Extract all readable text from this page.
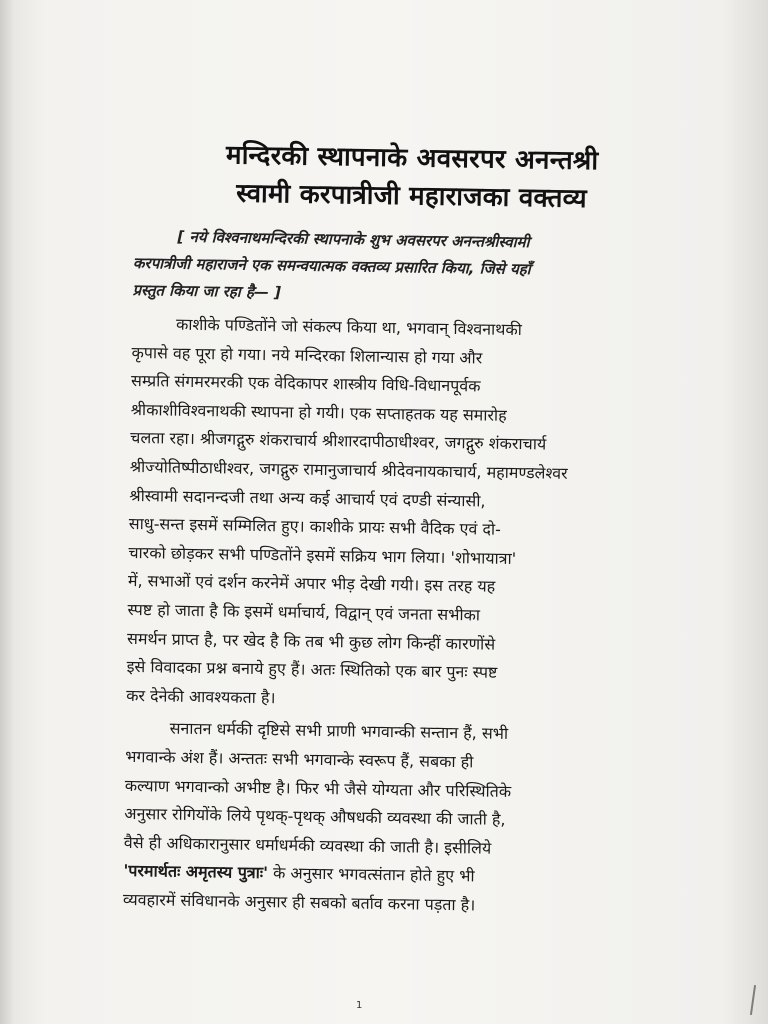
मन्दिरकी स्थापनाके अवसरपर अनन्तश्री
स्वामी करपात्रीजी महाराजका वक्तव्य
[ नये विश्वनाथमन्दिरकी स्थापनाके शुभ अवसरपर अनन्तश्रीस्वामी
करपात्रीजी महाराजने एक समन्वयात्मक वक्तव्य प्रसारित किया, जिसे यहाँ
प्रस्तुत किया जा रहा है— ]
काशीके पण्डितोंने जो संकल्प किया था, भगवान् विश्वनाथकी
कृपासे वह पूरा हो गया। नये मन्दिरका शिलान्यास हो गया और
सम्प्रति संगमरमरकी एक वेदिकापर शास्त्रीय विधि-विधानपूर्वक
श्रीकाशीविश्वनाथकी स्थापना हो गयी। एक सप्ताहतक यह समारोह
चलता रहा। श्रीजगद्गुरु शंकराचार्य श्रीशारदापीठाधीश्वर, जगद्गुरु शंकराचार्य
श्रीज्योतिष्पीठाधीश्वर, जगद्गुरु रामानुजाचार्य श्रीदेवनायकाचार्य, महामण्डलेश्वर
श्रीस्वामी सदानन्दजी तथा अन्य कई आचार्य एवं दण्डी संन्यासी,
साधु-सन्त इसमें सम्मिलित हुए। काशीके प्रायः सभी वैदिक एवं दो-
चारको छोड़कर सभी पण्डितोंने इसमें सक्रिय भाग लिया। 'शोभायात्रा'
में, सभाओं एवं दर्शन करनेमें अपार भीड़ देखी गयी। इस तरह यह
स्पष्ट हो जाता है कि इसमें धर्माचार्य, विद्वान् एवं जनता सभीका
समर्थन प्राप्त है, पर खेद है कि तब भी कुछ लोग किन्हीं कारणोंसे
इसे विवादका प्रश्न बनाये हुए हैं। अतः स्थितिको एक बार पुनः स्पष्ट
कर देनेकी आवश्यकता है।
सनातन धर्मकी दृष्टिसे सभी प्राणी भगवान्की सन्तान हैं, सभी
भगवान्के अंश हैं। अन्ततः सभी भगवान्के स्वरूप हैं, सबका ही
कल्याण भगवान्को अभीष्ट है। फिर भी जैसे योग्यता और परिस्थितिके
अनुसार रोगियोंके लिये पृथक्-पृथक् औषधकी व्यवस्था की जाती है,
वैसे ही अधिकारानुसार धर्माधर्मकी व्यवस्था की जाती है। इसीलिये
'परमार्थतः अमृतस्य पुत्राः' के अनुसार भगवत्संतान होते हुए भी
व्यवहारमें संविधानके अनुसार ही सबको बर्ताव करना पड़ता है।
1
